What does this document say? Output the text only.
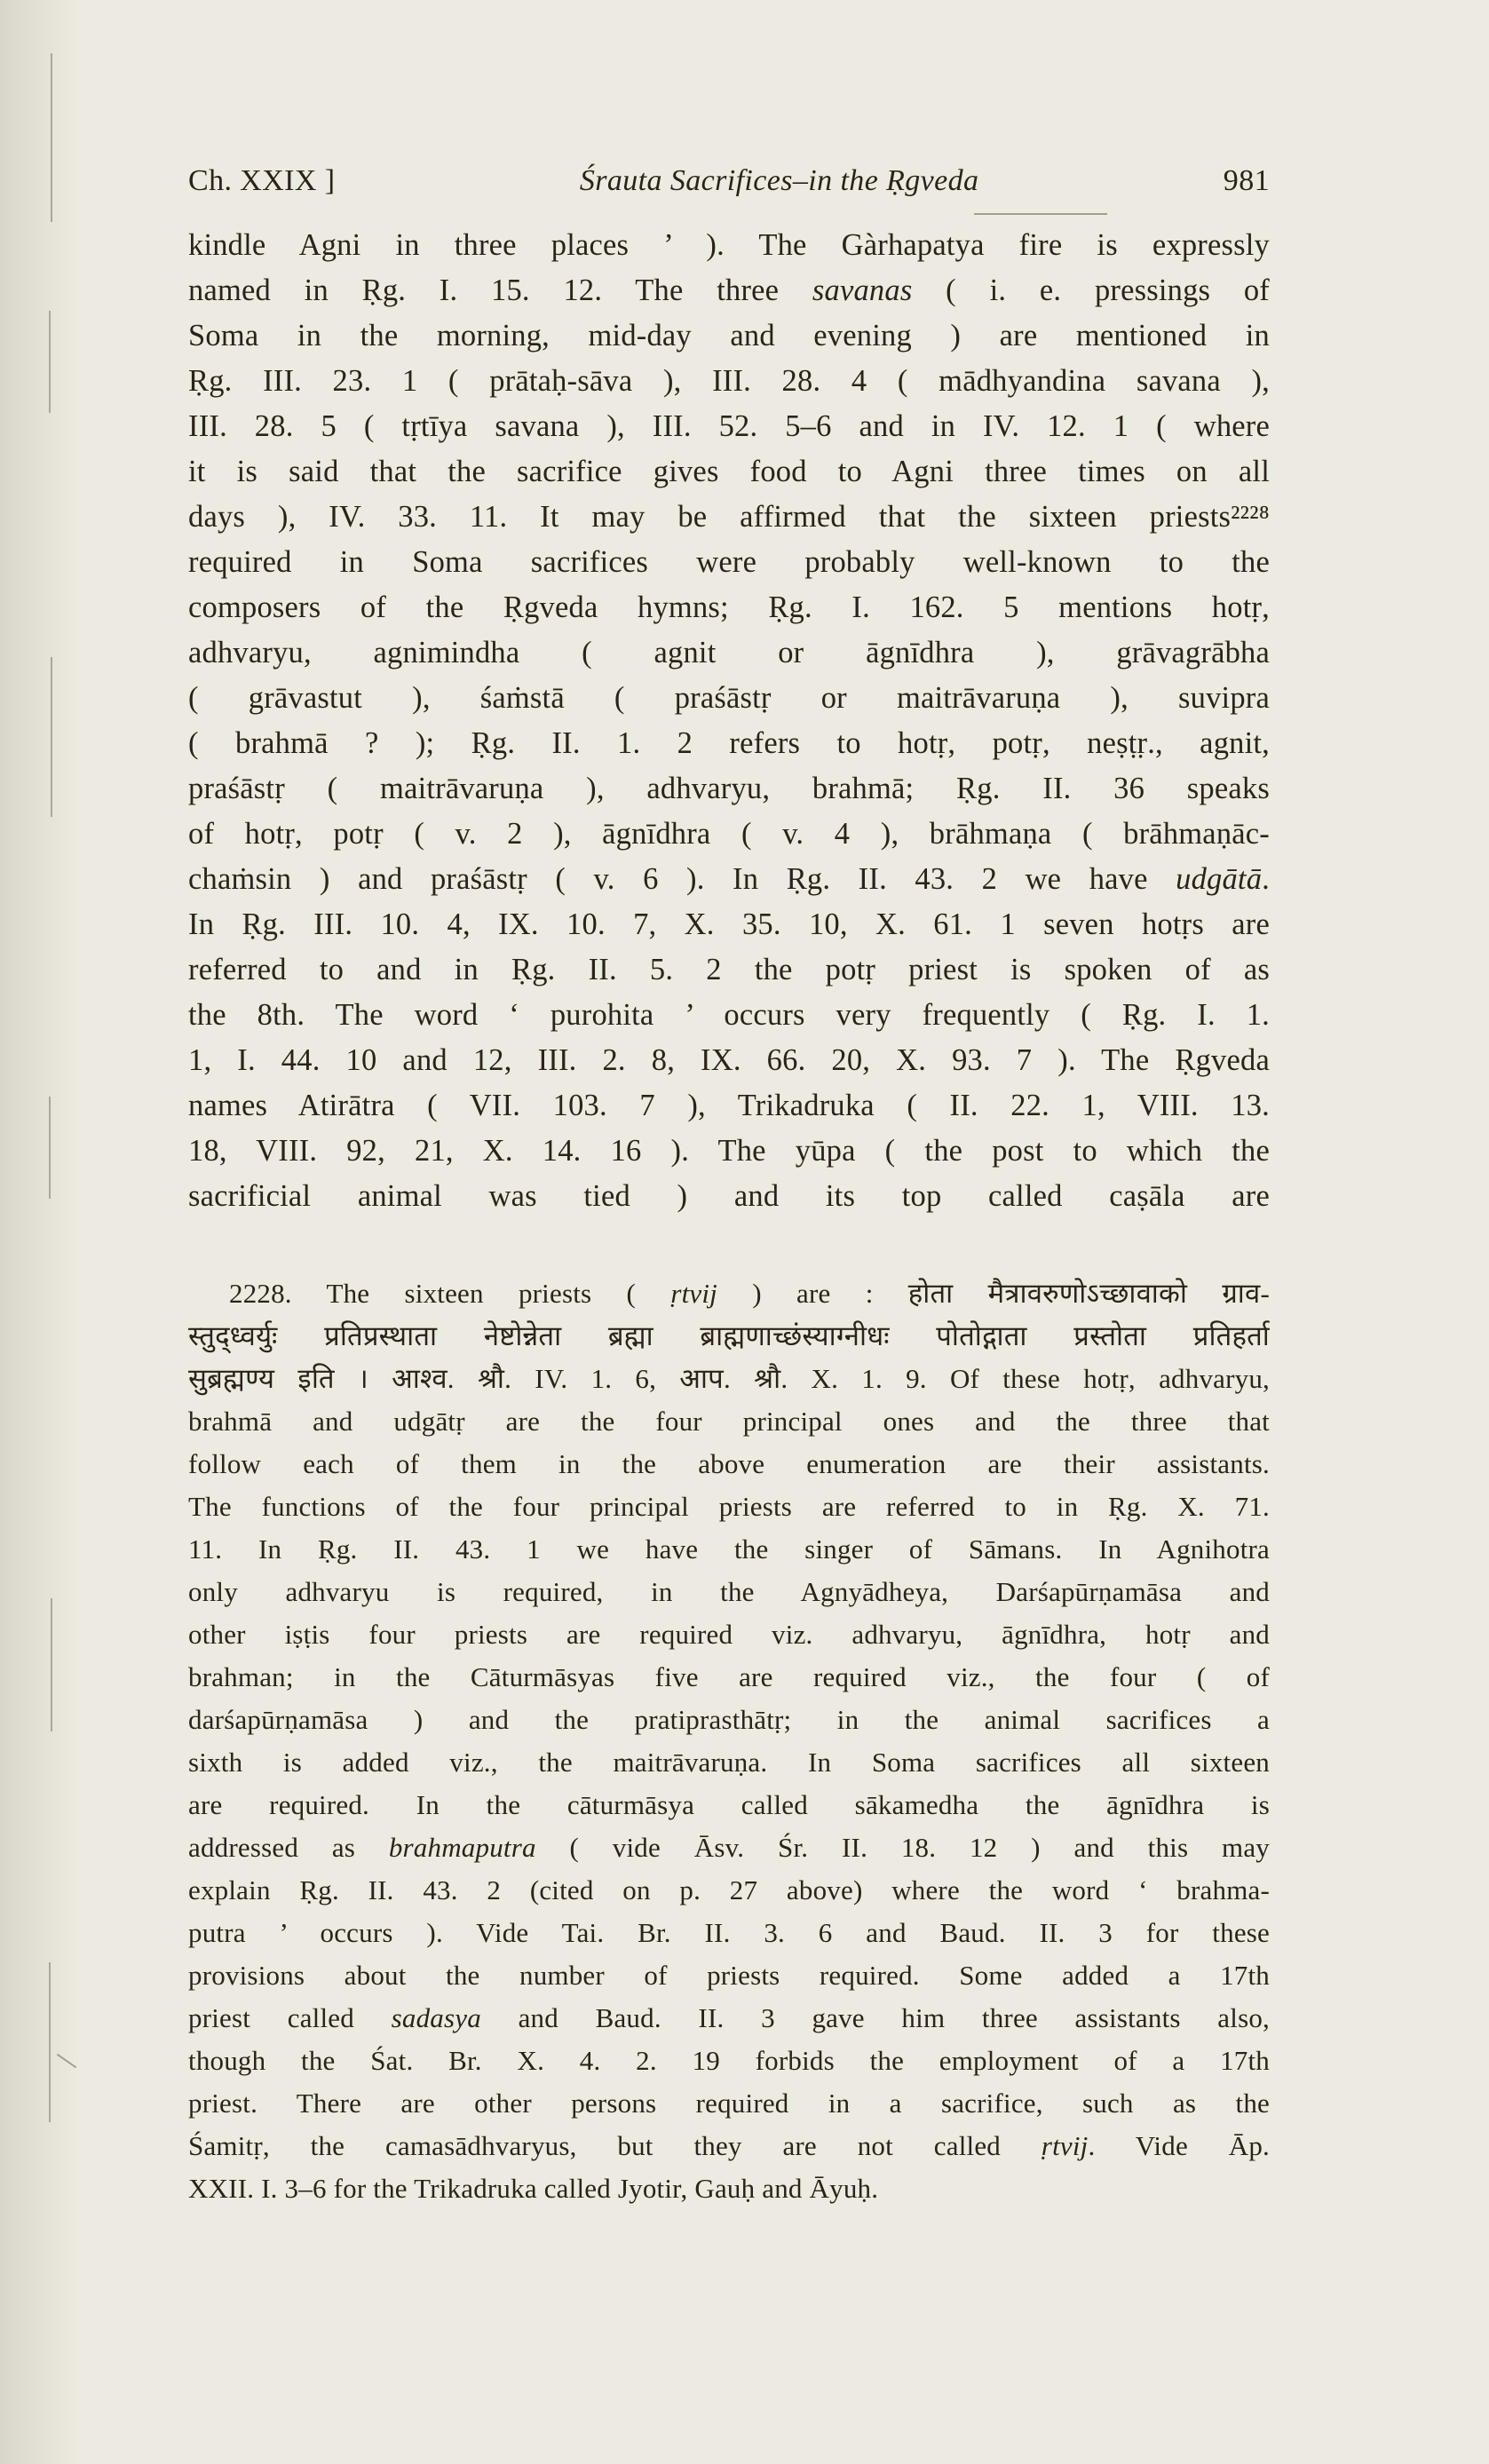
Ch. XXIX ]	Śrauta Sacrifices–in the Ṛgveda	981
kindle Agni in three places ’ ). The Gàrhapatya fire is expressly
named in Ṛg. I. 15. 12. The three savanas ( i. e. pressings of
Soma in the morning, mid-day and evening ) are mentioned in
Ṛg. III. 23. 1 ( prātaḥ-sāva ), III. 28. 4 ( mādhyandina savana ),
III. 28. 5 ( tṛtīya savana ), III. 52. 5–6 and in IV. 12. 1 ( where
it is said that the sacrifice gives food to Agni three times on all
days ), IV. 33. 11. It may be affirmed that the sixteen priests²²²⁸
required in Soma sacrifices were probably well-known to the
composers of the Ṛgveda hymns; Ṛg. I. 162. 5 mentions hotṛ,
adhvaryu, agnimindha ( agnit or āgnīdhra ), grāvagrābha
( grāvastut ), śaṁstā ( praśāstṛ or maitrāvaruṇa ), suvipra
( brahmā ? ); Ṛg. II. 1. 2 refers to hotṛ, potṛ, neṣṭṛ., agnit,
praśāstṛ ( maitrāvaruṇa ), adhvaryu, brahmā; Ṛg. II. 36 speaks
of hotṛ, potṛ ( v. 2 ), āgnīdhra ( v. 4 ), brāhmaṇa ( brāhmaṇāc-
chaṁsin ) and praśāstṛ ( v. 6 ). In Ṛg. II. 43. 2 we have udgātā.
In Ṛg. III. 10. 4, IX. 10. 7, X. 35. 10, X. 61. 1 seven hotṛs are
referred to and in Ṛg. II. 5. 2 the potṛ priest is spoken of as
the 8th. The word ‘ purohita ’ occurs very frequently ( Ṛg. I. 1.
1, I. 44. 10 and 12, III. 2. 8, IX. 66. 20, X. 93. 7 ). The Ṛgveda
names Atirātra ( VII. 103. 7 ), Trikadruka ( II. 22. 1, VIII. 13.
18, VIII. 92, 21, X. 14. 16 ). The yūpa ( the post to which the
sacrificial animal was tied ) and its top called caṣāla are
2228. The sixteen priests ( ṛtvij ) are : होता मैत्रावरुणोऽच्छावाको ग्राव-
स्तुद्ध्वर्युः प्रतिप्रस्थाता नेष्टोन्नेता ब्रह्मा ब्राह्मणाच्छंस्याग्नीधः पोतोद्गाता प्रस्तोता प्रतिहर्ता
सुब्रह्मण्य इति । आश्व. श्रौ. IV. 1. 6, आप. श्रौ. X. 1. 9. Of these hotṛ, adhvaryu,
brahmā and udgātṛ are the four principal ones and the three that
follow each of them in the above enumeration are their assistants.
The functions of the four principal priests are referred to in Ṛg. X. 71.
11. In Ṛg. II. 43. 1 we have the singer of Sāmans. In Agnihotra
only adhvaryu is required, in the Agnyādheya, Darśapūrṇamāsa and
other iṣṭis four priests are required viz. adhvaryu, āgnīdhra, hotṛ and
brahman; in the Cāturmāsyas five are required viz., the four ( of
darśapūrṇamāsa ) and the pratiprasthātṛ; in the animal sacrifices a
sixth is added viz., the maitrāvaruṇa. In Soma sacrifices all sixteen
are required. In the cāturmāsya called sākamedha the āgnīdhra is
addressed as brahmaputra ( vide Āsv. Śr. II. 18. 12 ) and this may
explain Ṛg. II. 43. 2 (cited on p. 27 above) where the word ‘ brahma-
putra ’ occurs ). Vide Tai. Br. II. 3. 6 and Baud. II. 3 for these
provisions about the number of priests required. Some added a 17th
priest called sadasya and Baud. II. 3 gave him three assistants also,
though the Śat. Br. X. 4. 2. 19 forbids the employment of a 17th
priest. There are other persons required in a sacrifice, such as the
Śamitṛ, the camasādhvaryus, but they are not called ṛtvij. Vide Āp.
XXII. I. 3–6 for the Trikadruka called Jyotir, Gauḥ and Āyuḥ.
